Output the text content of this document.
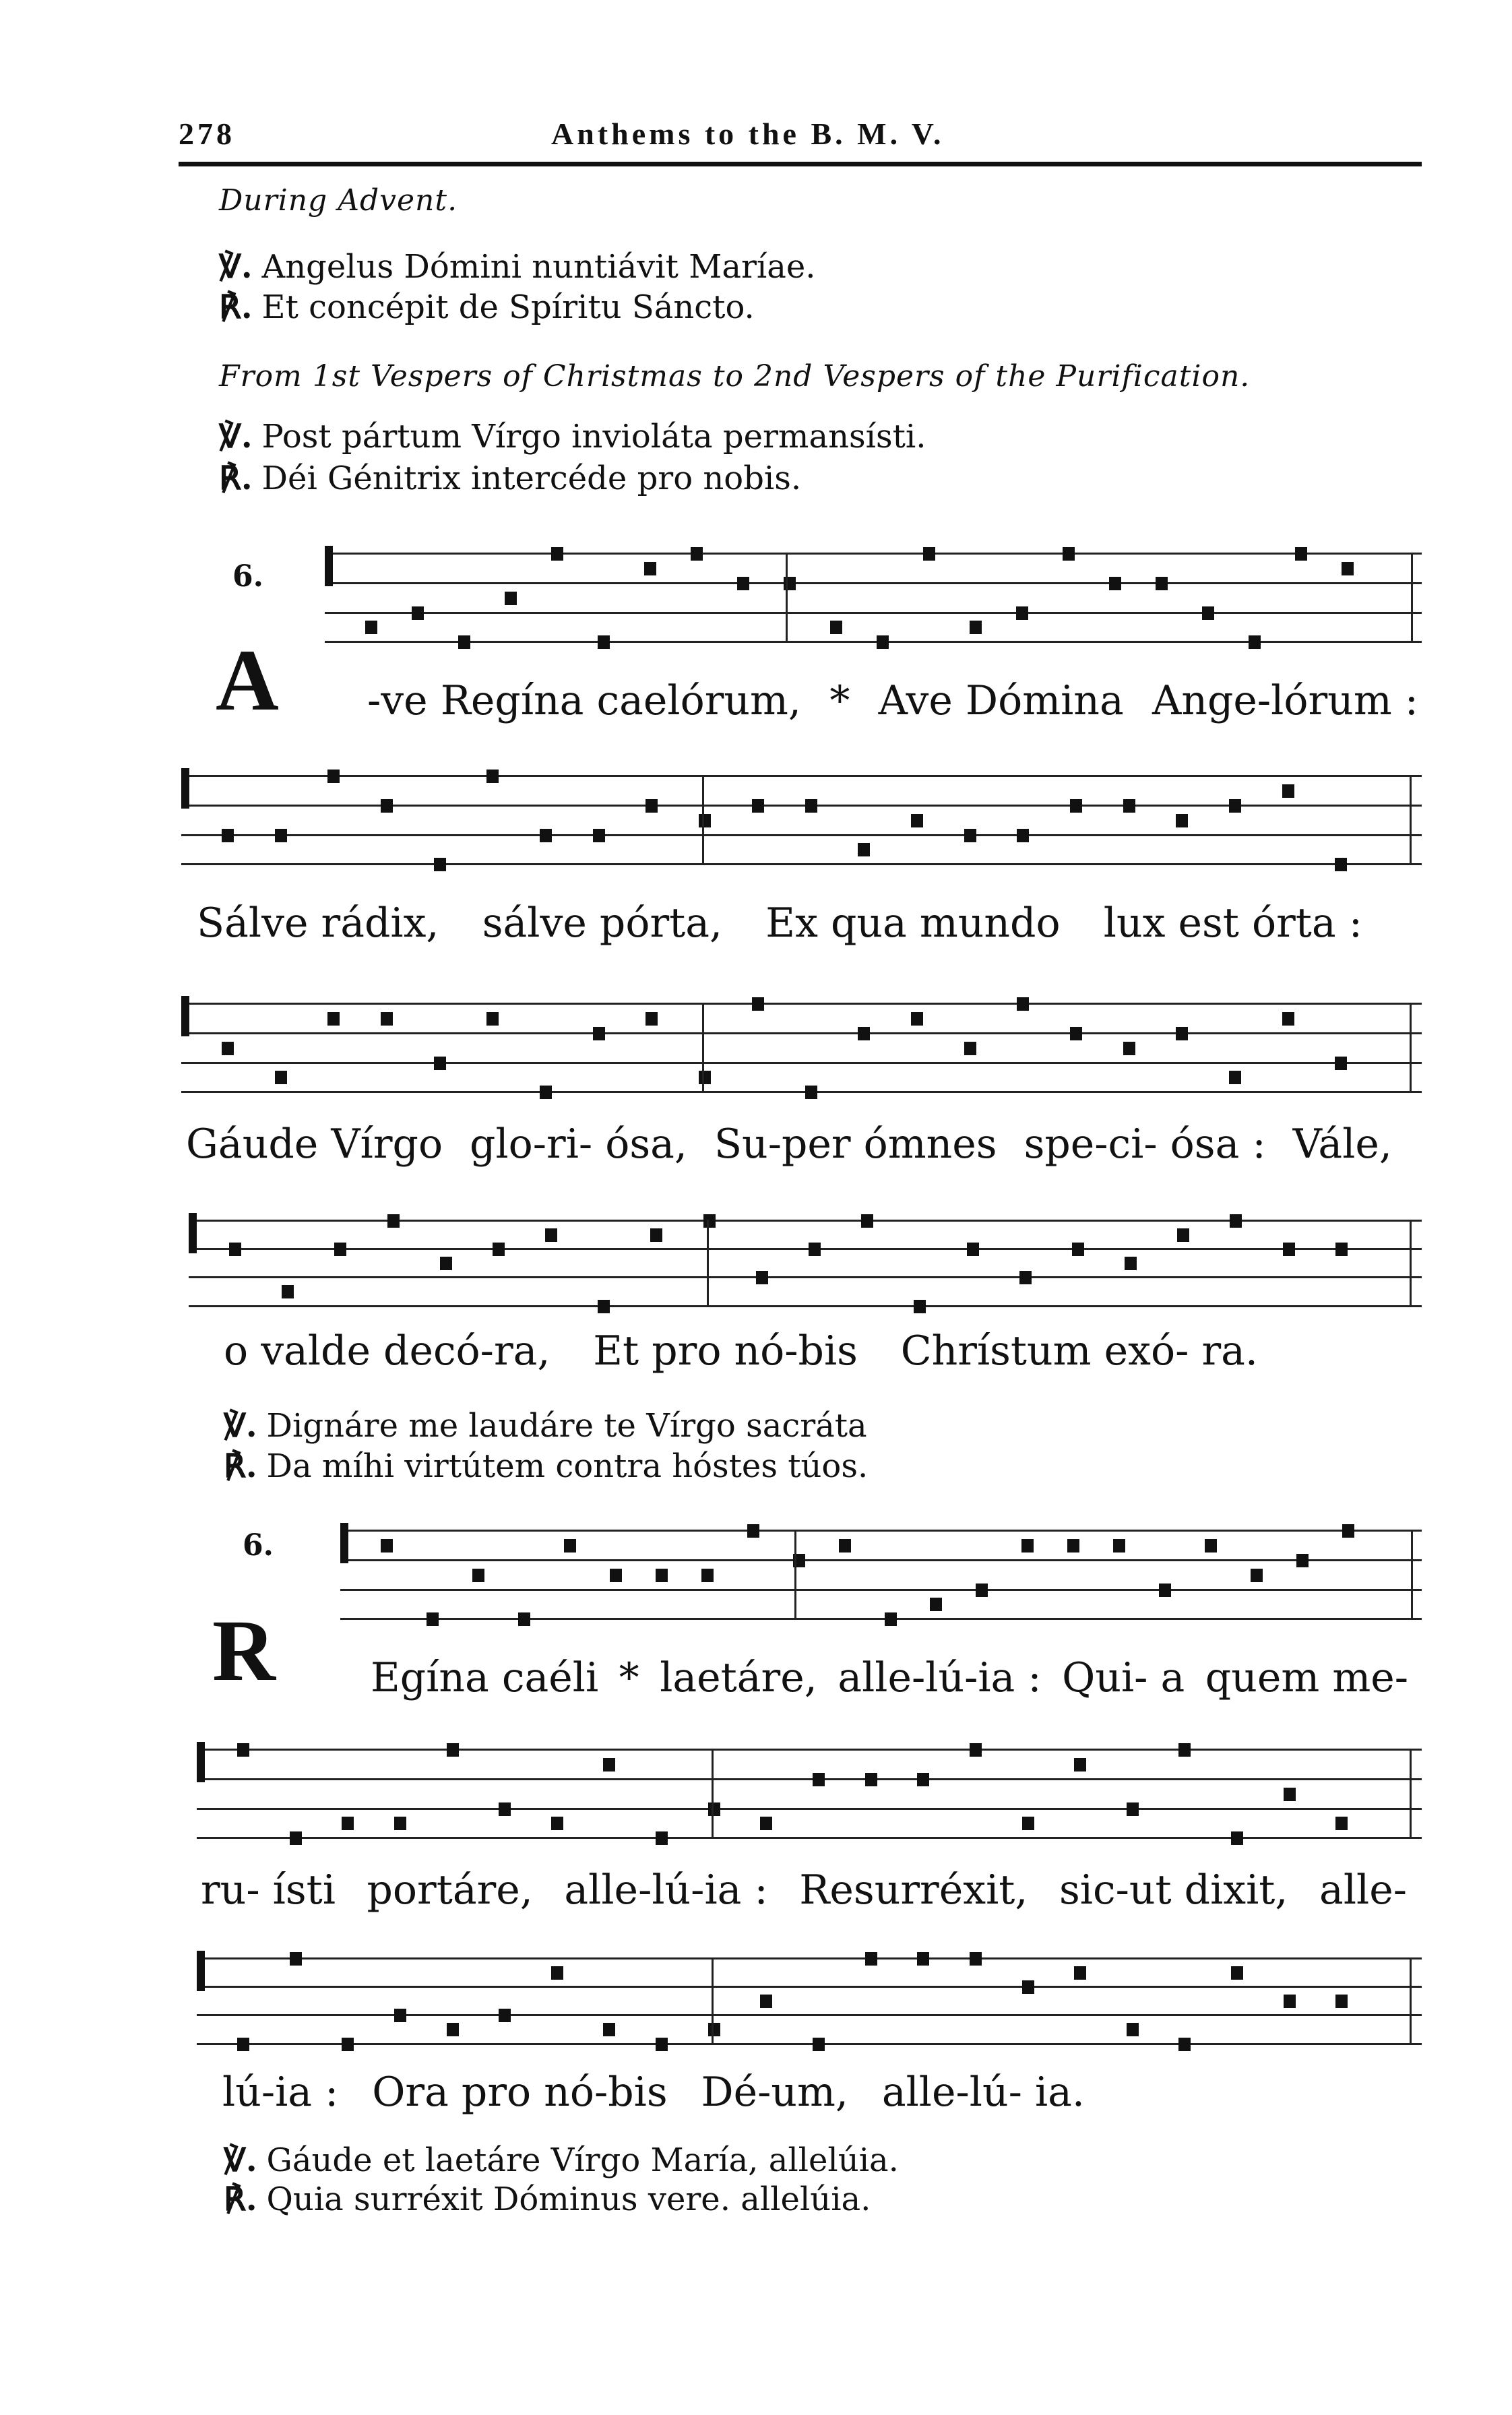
278	Anthems to the B. M. V.
During Advent.
℣. Angelus Dómini nuntiávit Maríae.
℟. Et concépit de Spíritu Sáncto.
From 1st Vespers of Christmas to 2nd Vespers of the Purification.
℣. Post pártum Vírgo invioláta permansísti.
℟. Déi Génitrix intercéde pro nobis.
6.
A -ve Regína caelórum, * Ave Dómina Ange-lórum :
Sálve rádix, sálve pórta, Ex qua mundo lux est órta :
Gáude Vírgo glo-ri- ósa, Su-per ómnes spe-ci- ósa : Vále,
o valde decó-ra, Et pro nó-bis Chrístum exó- ra.
℣. Dignáre me laudáre te Vírgo sacráta
℟. Da míhi virtútem contra hóstes túos.
6.
R Egína caéli * laetáre, alle-lú-ia : Qui- a quem me-
ru- ísti portáre, alle-lú-ia : Resurréxit, sic-ut dixit, alle-
lú-ia : Ora pro nó-bis Dé-um, alle-lú- ia.
℣. Gáude et laetáre Vírgo María, allelúia.
℟. Quia surréxit Dóminus vere. allelúia.
